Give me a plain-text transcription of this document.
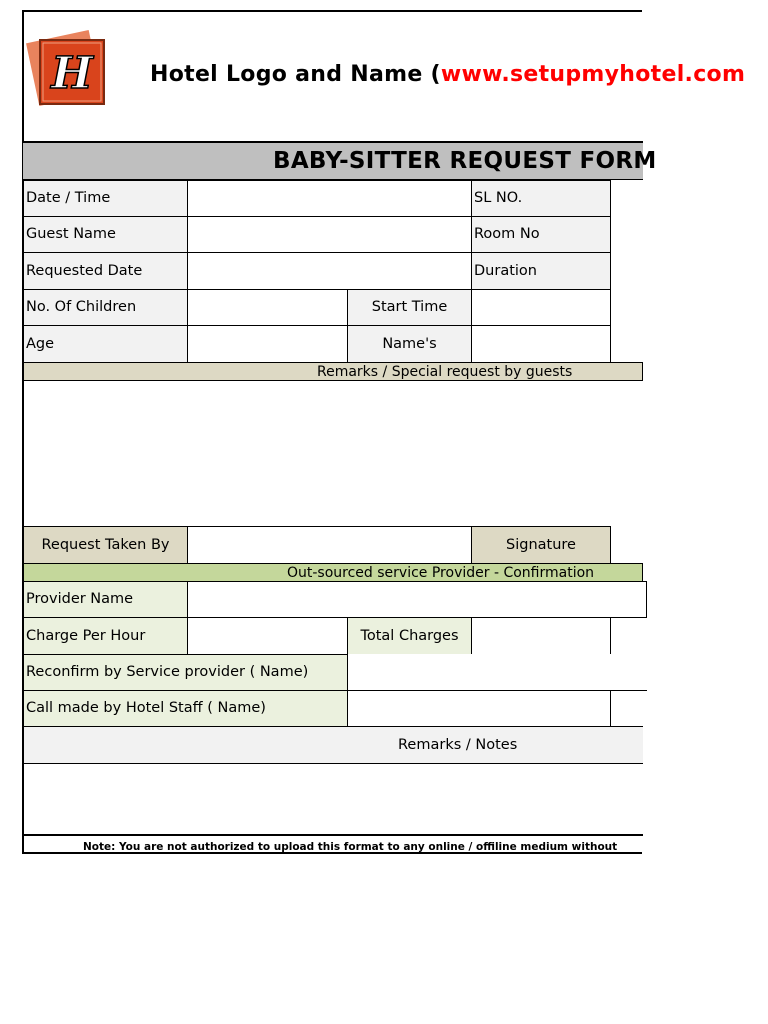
H	Hotel Logo and Name (www.setupmyhotel.com
BABY-SITTER REQUEST FORM
Date / Time	SL NO.
Guest Name	Room No
Requested Date	Duration
No. Of Children	Start Time
Age	Name's
Remarks / Special request by guests
Request Taken By	Signature
Out-sourced service Provider - Confirmation
Provider Name
Charge Per Hour	Total Charges
Reconfirm by Service provider ( Name)
Call made by Hotel Staff ( Name)
Remarks / Notes
Note: You are not authorized to upload this format to any online / offiline medium without
